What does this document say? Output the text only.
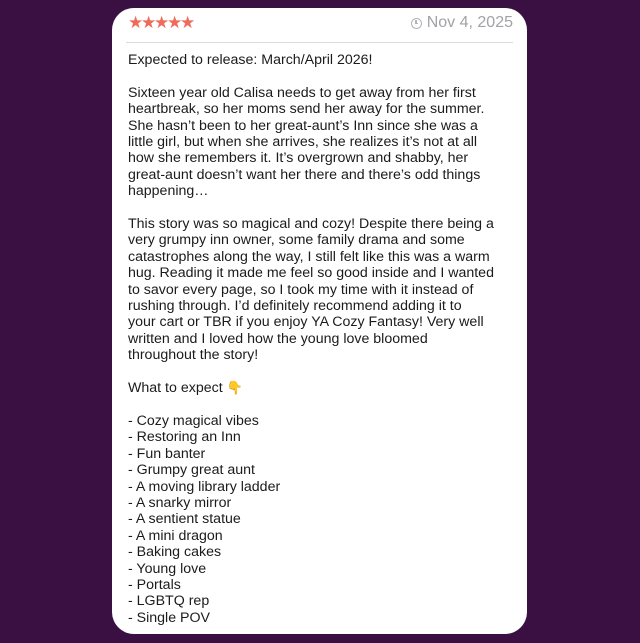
★★★★★	Nov 4, 2025

Expected to release: March/April 2026!

Sixteen year old Calisa needs to get away from her first
heartbreak, so her moms send her away for the summer.
She hasn’t been to her great-aunt’s Inn since she was a
little girl, but when she arrives, she realizes it’s not at all
how she remembers it. It’s overgrown and shabby, her
great-aunt doesn’t want her there and there’s odd things
happening…
This story was so magical and cozy! Despite there being a
very grumpy inn owner, some family drama and some
catastrophes along the way, I still felt like this was a warm
hug. Reading it made me feel so good inside and I wanted
to savor every page, so I took my time with it instead of
rushing through. I’d definitely recommend adding it to
your cart or TBR if you enjoy YA Cozy Fantasy! Very well
written and I loved how the young love bloomed
throughout the story!
What to expect 👇
- Cozy magical vibes
- Restoring an Inn
- Fun banter
- Grumpy great aunt
- A moving library ladder
- A snarky mirror
- A sentient statue
- A mini dragon
- Baking cakes
- Young love
- Portals
- LGBTQ rep
- Single POV
